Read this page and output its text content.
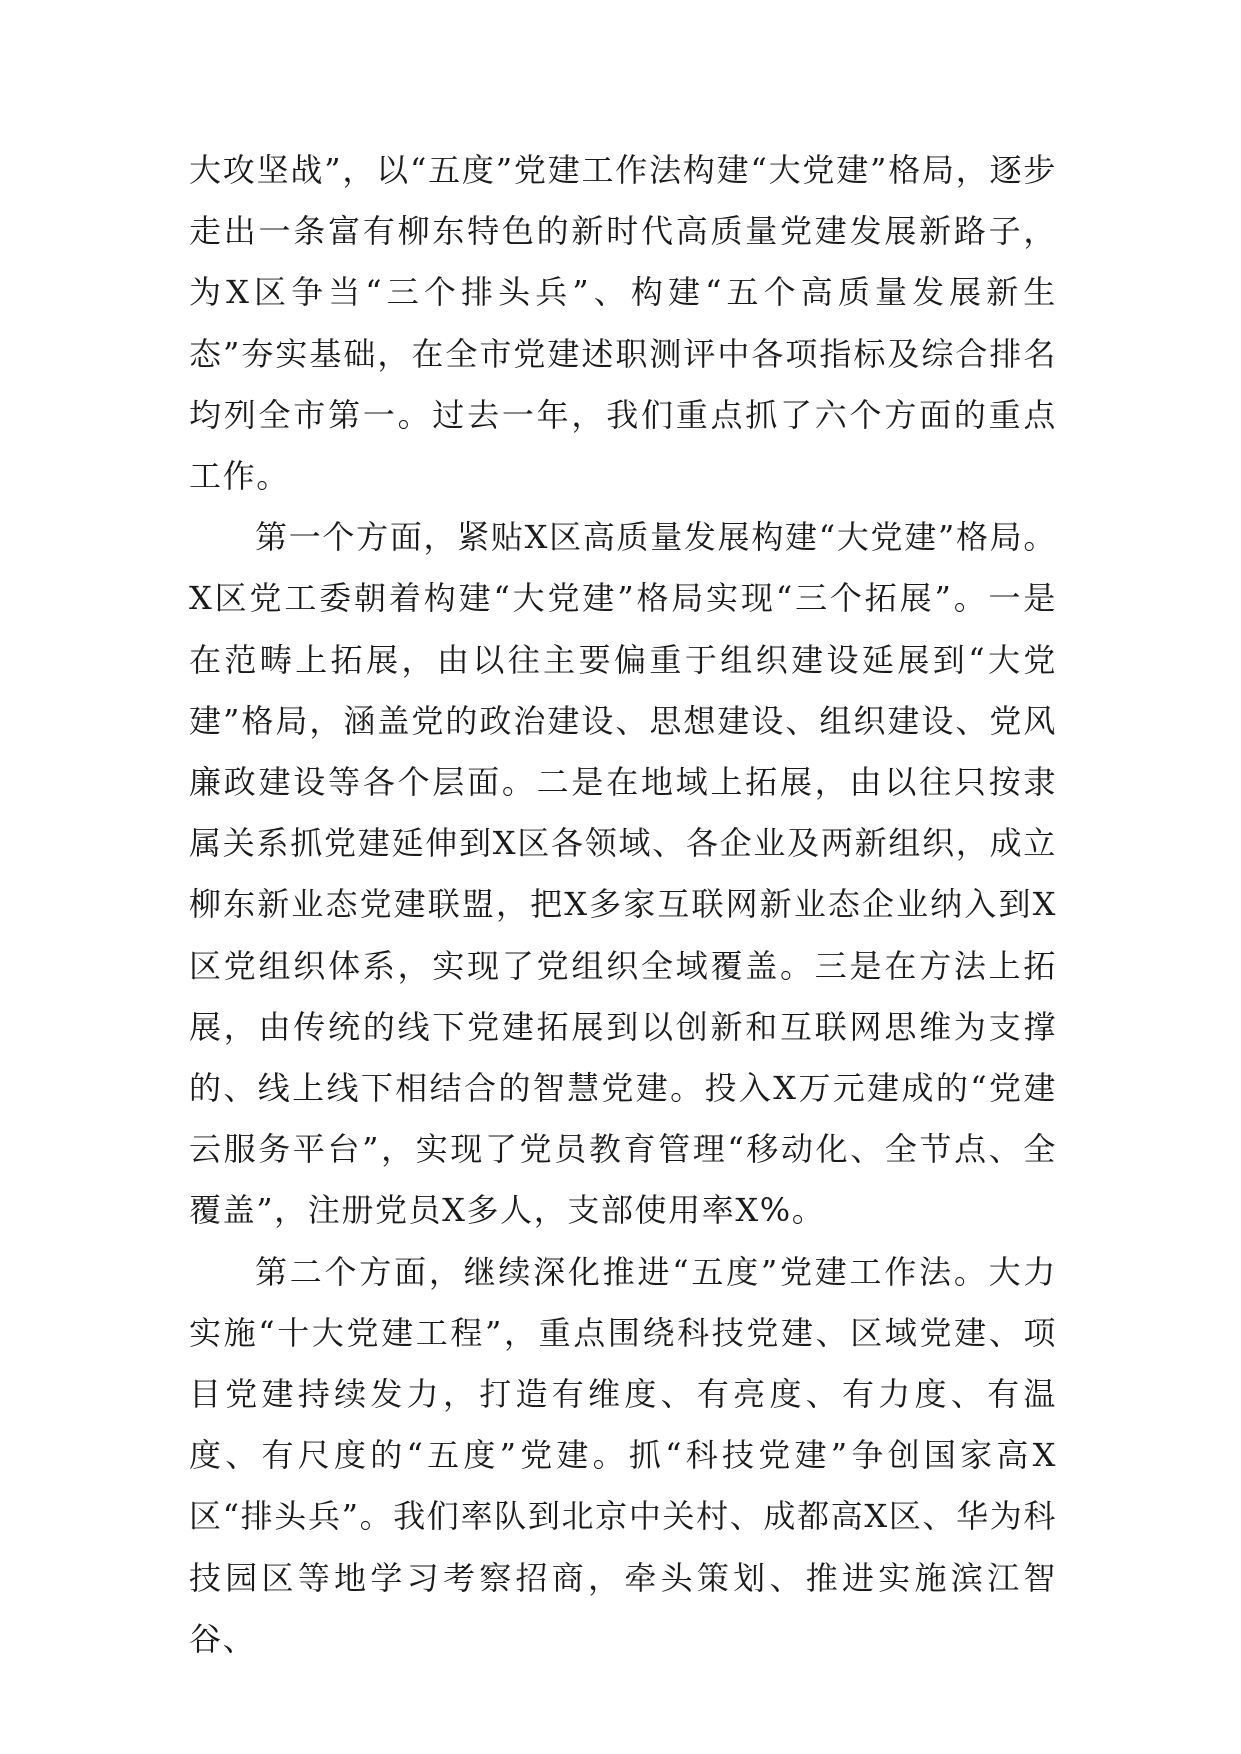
大攻坚战”，以“五度”党建工作法构建“大党建”格局，逐步走出一条富有柳东特色的新时代高质量党建发展新路子，为X区争当“三个排头兵”、构建“五个高质量发展新生态”夯实基础，在全市党建述职测评中各项指标及综合排名均列全市第一。过去一年，我们重点抓了六个方面的重点工作。

第一个方面，紧贴X区高质量发展构建“大党建”格局。X区党工委朝着构建“大党建”格局实现“三个拓展”。一是在范畴上拓展，由以往主要偏重于组织建设延展到“大党建”格局，涵盖党的政治建设、思想建设、组织建设、党风廉政建设等各个层面。二是在地域上拓展，由以往只按隶属关系抓党建延伸到X区各领域、各企业及两新组织，成立柳东新业态党建联盟，把X多家互联网新业态企业纳入到X区党组织体系，实现了党组织全域覆盖。三是在方法上拓展，由传统的线下党建拓展到以创新和互联网思维为支撑的、线上线下相结合的智慧党建。投入X万元建成的“党建云服务平台”，实现了党员教育管理“移动化、全节点、全覆盖”，注册党员X多人，支部使用率X%。

第二个方面，继续深化推进“五度”党建工作法。大力实施“十大党建工程”，重点围绕科技党建、区域党建、项目党建持续发力，打造有维度、有亮度、有力度、有温度、有尺度的“五度”党建。抓“科技党建”争创国家高X区“排头兵”。我们率队到北京中关村、成都高X区、华为科技园区等地学习考察招商，牵头策划、推进实施滨江智谷、
